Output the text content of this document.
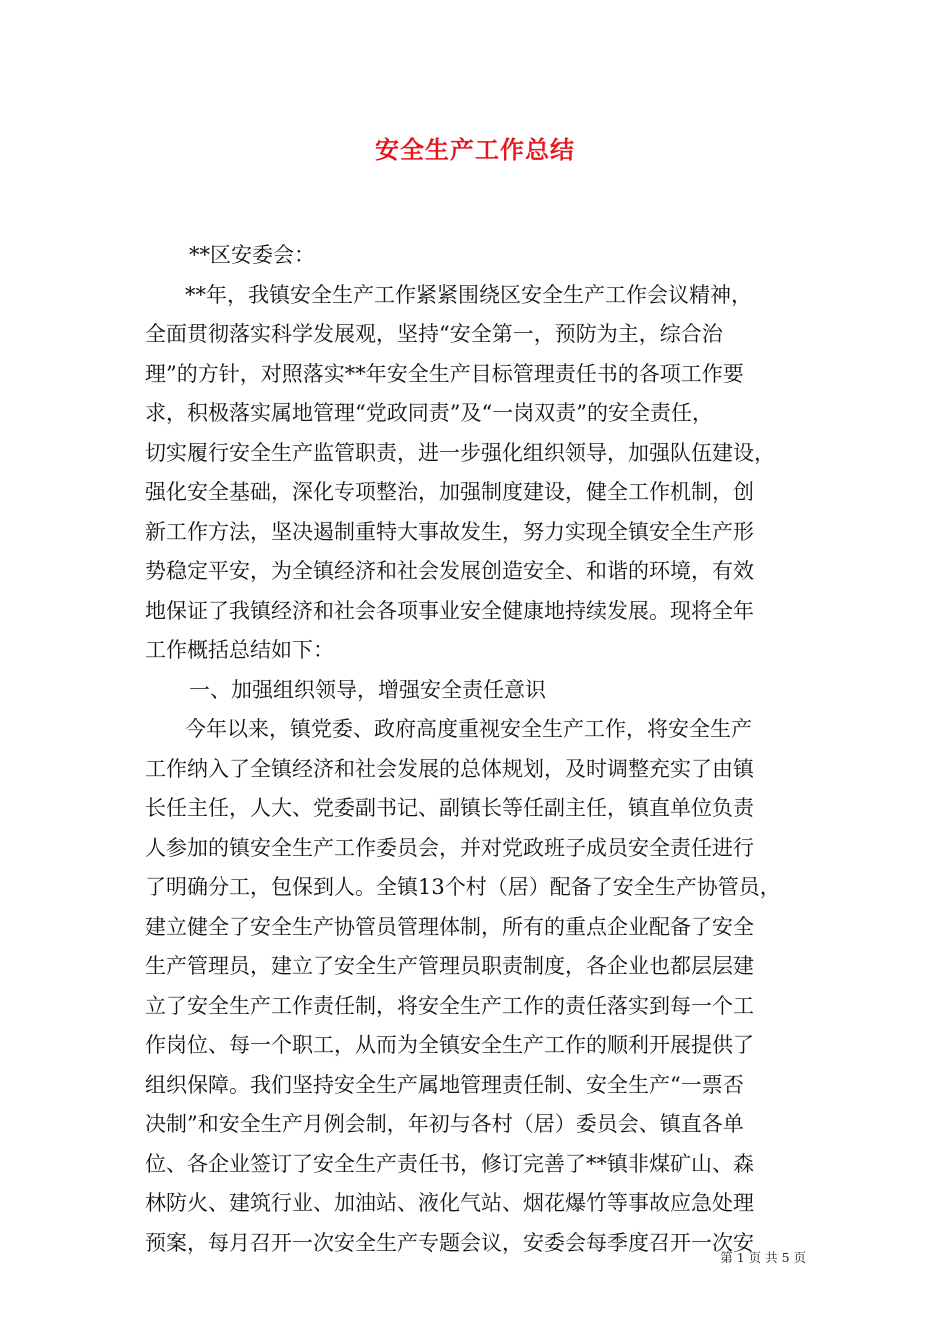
安全生产工作总结
**区安委会：
**年，我镇安全生产工作紧紧围绕区安全生产工作会议精神，
全面贯彻落实科学发展观，坚持“安全第一，预防为主，综合治
理”的方针，对照落实**年安全生产目标管理责任书的各项工作要
求，积极落实属地管理“党政同责”及“一岗双责”的安全责任，
切实履行安全生产监管职责，进一步强化组织领导，加强队伍建设，
强化安全基础，深化专项整治，加强制度建设，健全工作机制，创
新工作方法，坚决遏制重特大事故发生，努力实现全镇安全生产形
势稳定平安，为全镇经济和社会发展创造安全、和谐的环境，有效
地保证了我镇经济和社会各项事业安全健康地持续发展。现将全年
工作概括总结如下：
一、加强组织领导，增强安全责任意识
今年以来，镇党委、政府高度重视安全生产工作，将安全生产
工作纳入了全镇经济和社会发展的总体规划，及时调整充实了由镇
长任主任，人大、党委副书记、副镇长等任副主任，镇直单位负责
人参加的镇安全生产工作委员会，并对党政班子成员安全责任进行
了明确分工，包保到人。全镇13个村（居）配备了安全生产协管员，
建立健全了安全生产协管员管理体制，所有的重点企业配备了安全
生产管理员，建立了安全生产管理员职责制度，各企业也都层层建
立了安全生产工作责任制，将安全生产工作的责任落实到每一个工
作岗位、每一个职工，从而为全镇安全生产工作的顺利开展提供了
组织保障。我们坚持安全生产属地管理责任制、安全生产“一票否
决制”和安全生产月例会制，年初与各村（居）委员会、镇直各单
位、各企业签订了安全生产责任书，修订完善了**镇非煤矿山、森
林防火、建筑行业、加油站、液化气站、烟花爆竹等事故应急处理
预案，每月召开一次安全生产专题会议，安委会每季度召开一次安
第 1 页 共 5 页
